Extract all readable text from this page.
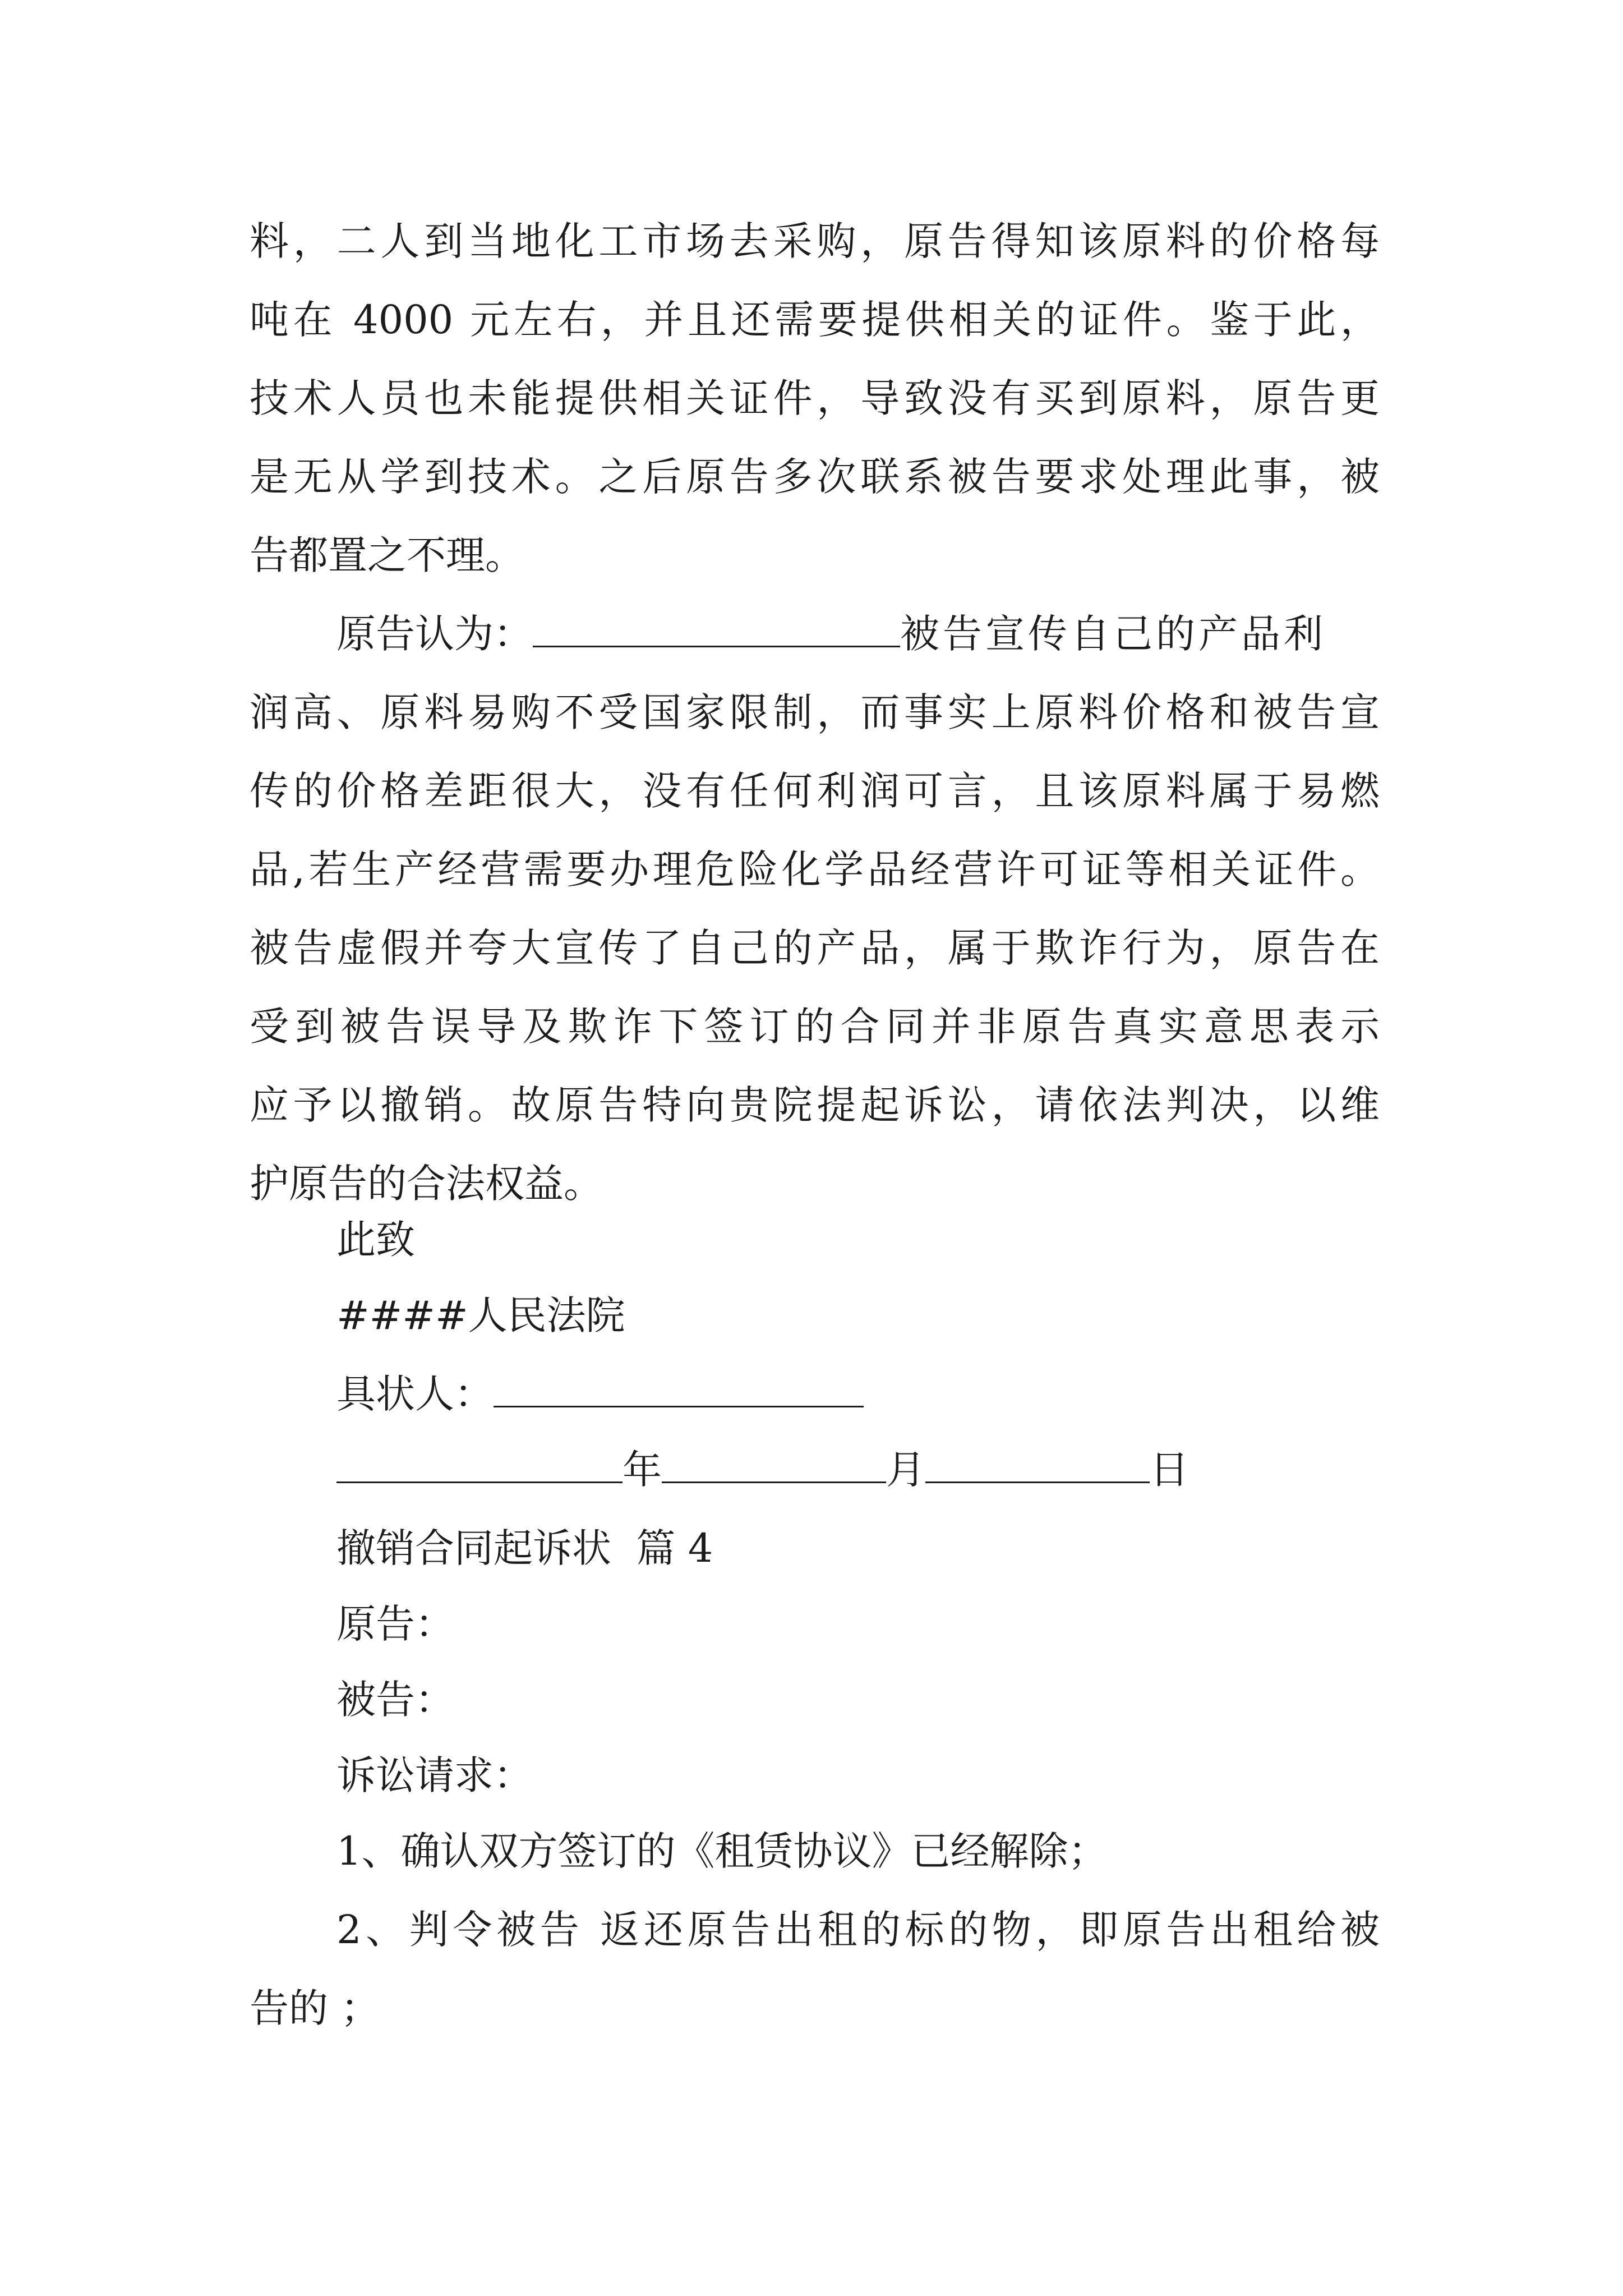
料，二人到当地化工市场去采购，原告得知该原料的价格每

吨在 4000 元左右，并且还需要提供相关的证件。鉴于此，

技术人员也未能提供相关证件，导致没有买到原料，原告更

是无从学到技术。之后原告多次联系被告要求处理此事，被

告都置之不理。

原告认为：	被告宣传自己的产品利

润高、原料易购不受国家限制，而事实上原料价格和被告宣

传的价格差距很大，没有任何利润可言，且该原料属于易燃

品,若生产经营需要办理危险化学品经营许可证等相关证件。

被告虚假并夸大宣传了自己的产品，属于欺诈行为，原告在

受到被告误导及欺诈下签订的合同并非原告真实意思表示

应予以撤销。故原告特向贵院提起诉讼，请依法判决，以维

护原告的合法权益。

此致

####人民法院

具状人：
年	月	日

撤销合同起诉状  篇 4

原告：

被告：

诉讼请求：

1、确认双方签订的《租赁协议》已经解除；

2、判令被告 返还原告出租的标的物，即原告出租给被

告的 ；
